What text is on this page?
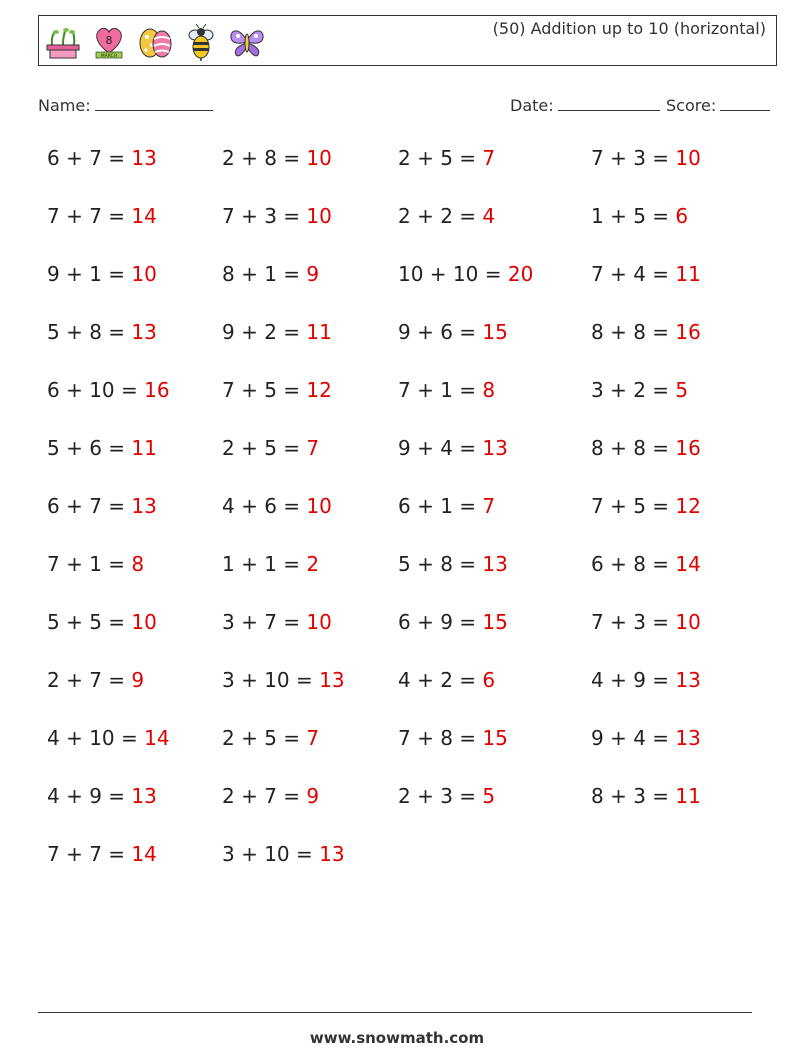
8
MARCH
(50) Addition up to 10 (horizontal)
Name:	Date:	Score:
6 + 7 = 13	2 + 8 = 10	2 + 5 = 7	7 + 3 = 10
7 + 7 = 14	7 + 3 = 10	2 + 2 = 4	1 + 5 = 6
9 + 1 = 10	8 + 1 = 9	10 + 10 = 20	7 + 4 = 11
5 + 8 = 13	9 + 2 = 11	9 + 6 = 15	8 + 8 = 16
6 + 10 = 16	7 + 5 = 12	7 + 1 = 8	3 + 2 = 5
5 + 6 = 11	2 + 5 = 7	9 + 4 = 13	8 + 8 = 16
6 + 7 = 13	4 + 6 = 10	6 + 1 = 7	7 + 5 = 12
7 + 1 = 8	1 + 1 = 2	5 + 8 = 13	6 + 8 = 14
5 + 5 = 10	3 + 7 = 10	6 + 9 = 15	7 + 3 = 10
2 + 7 = 9	3 + 10 = 13	4 + 2 = 6	4 + 9 = 13
4 + 10 = 14	2 + 5 = 7	7 + 8 = 15	9 + 4 = 13
4 + 9 = 13	2 + 7 = 9	2 + 3 = 5	8 + 3 = 11
7 + 7 = 14	3 + 10 = 13
www.snowmath.com
